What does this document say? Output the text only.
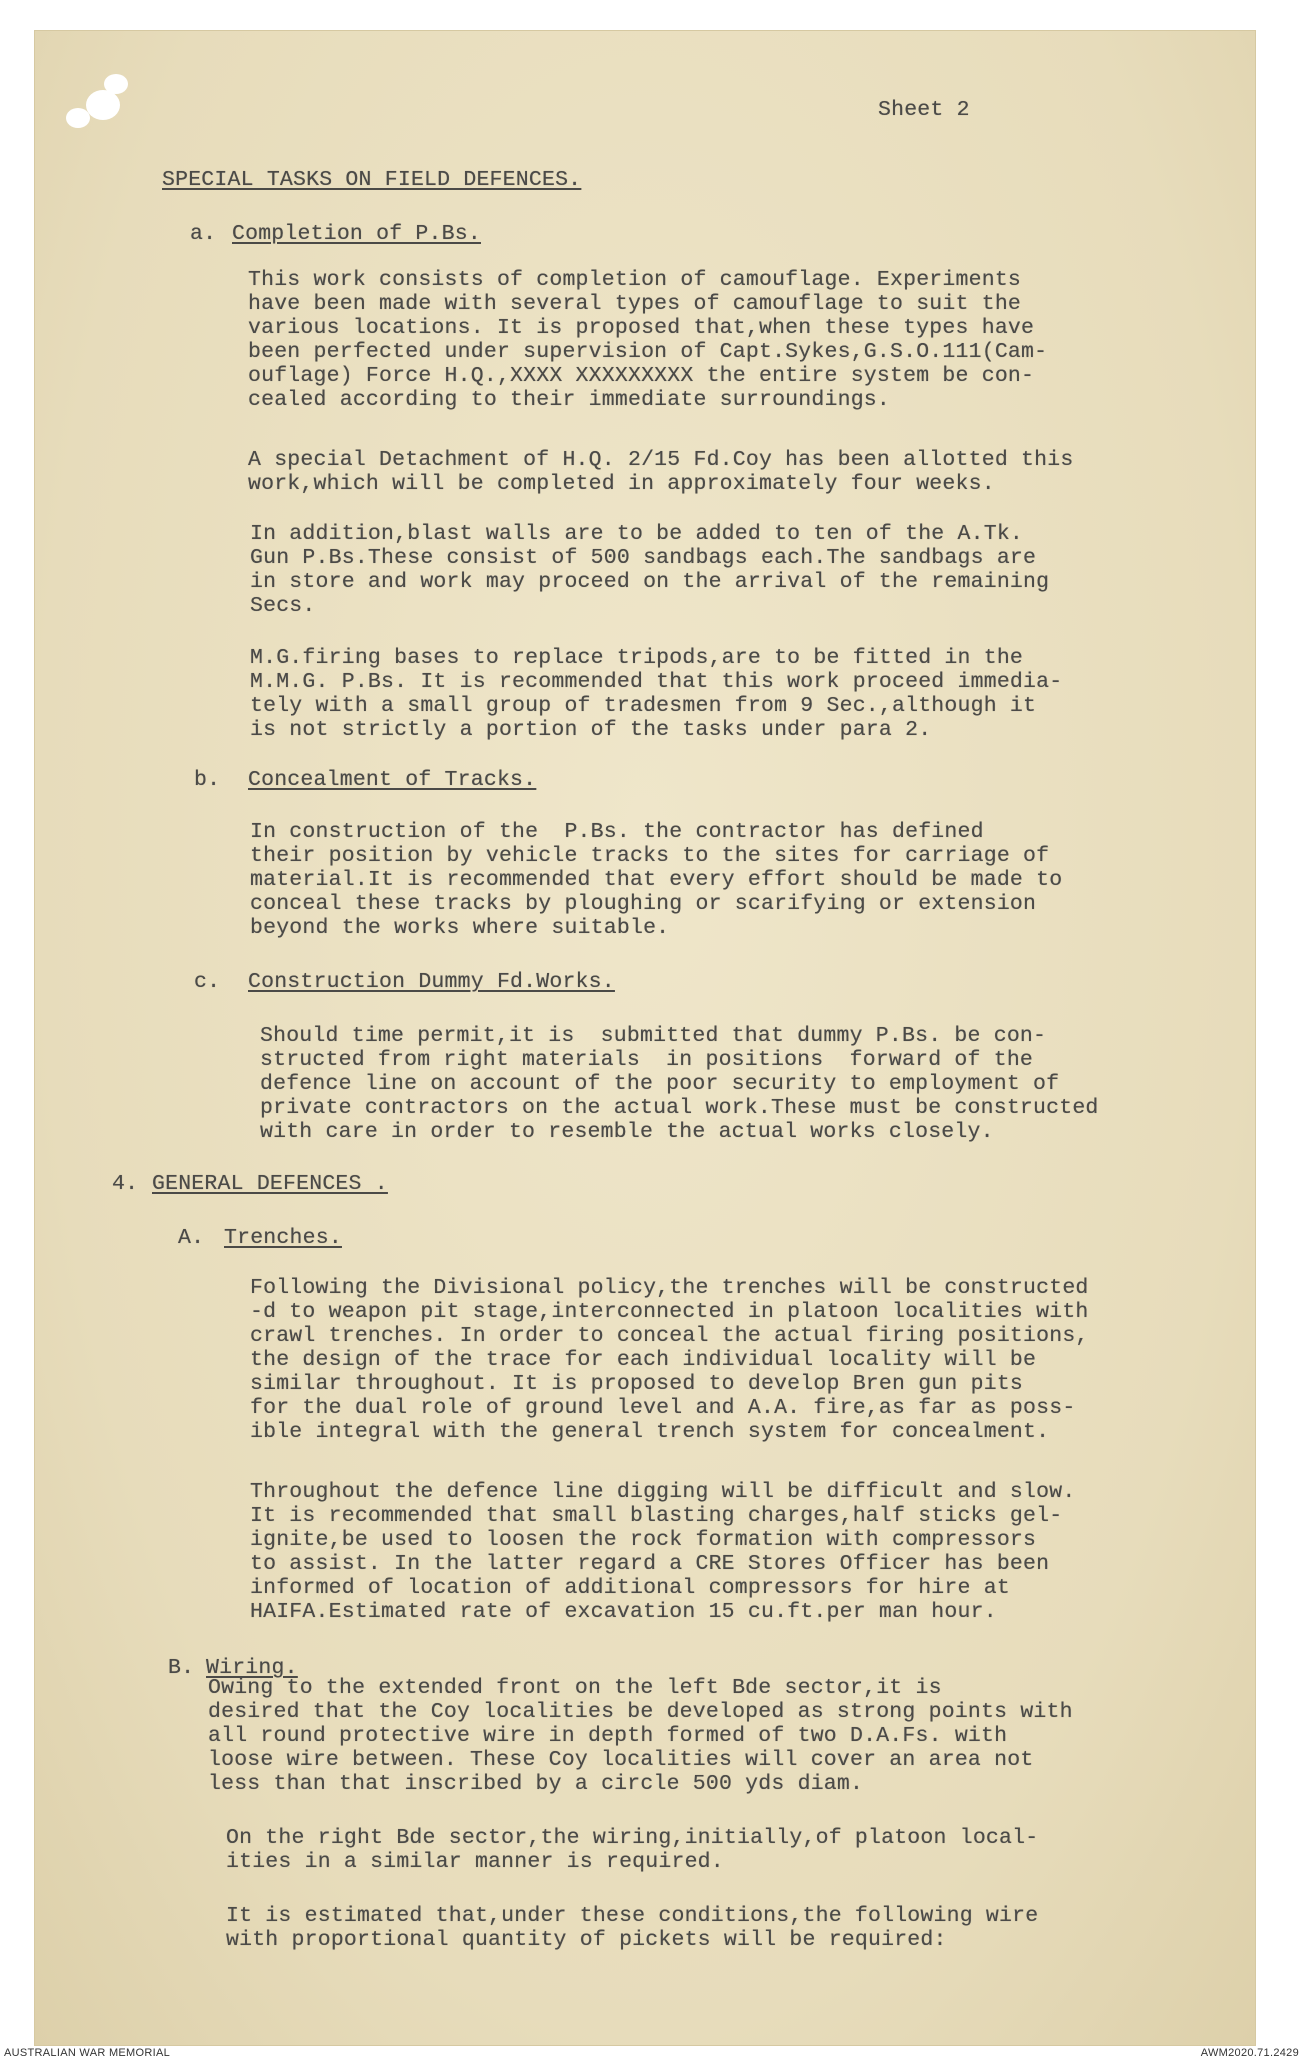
Sheet 2

SPECIAL TASKS ON FIELD DEFENCES.

a. Completion of P.Bs.

This work consists of completion of camouflage. Experiments
have been made with several types of camouflage to suit the
various locations. It is proposed that,when these types have
been perfected under supervision of Capt.Sykes,G.S.O.111(Cam-
ouflage) Force H.Q.,XXXX XXXXXXXXX the entire system be con-
cealed according to their immediate surroundings.

A special Detachment of H.Q. 2/15 Fd.Coy has been allotted this
work,which will be completed in approximately four weeks.

In addition,blast walls are to be added to ten of the A.Tk.
Gun P.Bs.These consist of 500 sandbags each.The sandbags are
in store and work may proceed on the arrival of the remaining
Secs.

M.G.firing bases to replace tripods,are to be fitted in the
M.M.G. P.Bs. It is recommended that this work proceed immedia-
tely with a small group of tradesmen from 9 Sec.,although it
is not strictly a portion of the tasks under para 2.

b. Concealment of Tracks.

In construction of the  P.Bs. the contractor has defined
their position by vehicle tracks to the sites for carriage of
material.It is recommended that every effort should be made to
conceal these tracks by ploughing or scarifying or extension
beyond the works where suitable.

c. Construction Dummy Fd.Works.

Should time permit,it is  submitted that dummy P.Bs. be con-
structed from right materials  in positions  forward of the
defence line on account of the poor security to employment of
private contractors on the actual work.These must be constructed
with care in order to resemble the actual works closely.

4. GENERAL DEFENCES .

A. Trenches.

Following the Divisional policy,the trenches will be constructed
-d to weapon pit stage,interconnected in platoon localities with
crawl trenches. In order to conceal the actual firing positions,
the design of the trace for each individual locality will be
similar throughout. It is proposed to develop Bren gun pits
for the dual role of ground level and A.A. fire,as far as poss-
ible integral with the general trench system for concealment.

Throughout the defence line digging will be difficult and slow.
It is recommended that small blasting charges,half sticks gel-
ignite,be used to loosen the rock formation with compressors
to assist. In the latter regard a CRE Stores Officer has been
informed of location of additional compressors for hire at
HAIFA.Estimated rate of excavation 15 cu.ft.per man hour.

B. Wiring.

Owing to the extended front on the left Bde sector,it is
desired that the Coy localities be developed as strong points with
all round protective wire in depth formed of two D.A.Fs. with
loose wire between. These Coy localities will cover an area not
less than that inscribed by a circle 500 yds diam.

On the right Bde sector,the wiring,initially,of platoon local-
ities in a similar manner is required.

It is estimated that,under these conditions,the following wire
with proportional quantity of pickets will be required:

AUSTRALIAN WAR MEMORIAL	AWM2020.71.2429
